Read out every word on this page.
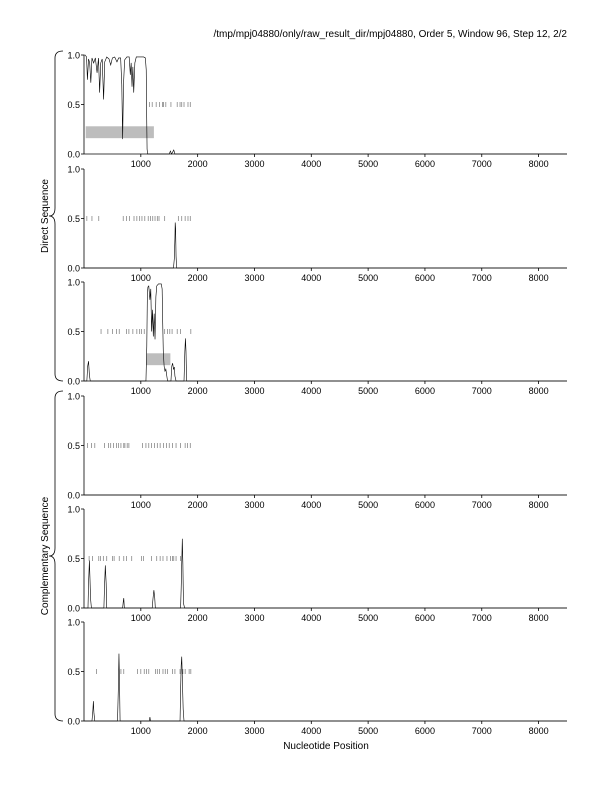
/tmp/mpj04880/only/raw_result_dir/mpj04880, Order 5, Window 96, Step 12, 2/2
0.0
0.5
1.0
1000	2000	3000	4000	5000	6000	7000	8000
0.0
0.5
1.0
1000	2000	3000	4000	5000	6000	7000	8000
0.0
0.5
1.0
1000	2000	3000	4000	5000	6000	7000	8000
0.0
0.5
1.0
1000	2000	3000	4000	5000	6000	7000	8000
0.0
0.5
1.0
1000	2000	3000	4000	5000	6000	7000	8000
0.0
0.5
1.0
1000	2000	3000	4000	5000	6000	7000	8000
Direct Sequence
Complementary Sequence
Nucleotide Position
